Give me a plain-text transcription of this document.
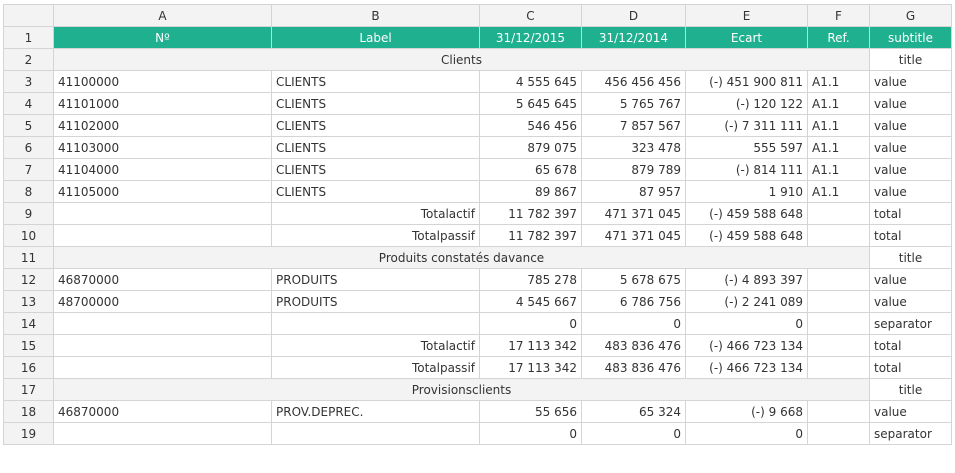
	A	B	C	D	E	F	G
1	Nº	Label	31/12/2015	31/12/2014	Ecart	Ref.	subtitle
2	Clients						title
3	41100000	CLIENTS	4 555 645	456 456 456	(-) 451 900 811	A1.1	value
4	41101000	CLIENTS	5 645 645	5 765 767	(-) 120 122	A1.1	value
5	41102000	CLIENTS	546 456	7 857 567	(-) 7 311 111	A1.1	value
6	41103000	CLIENTS	879 075	323 478	555 597	A1.1	value
7	41104000	CLIENTS	65 678	879 789	(-) 814 111	A1.1	value
8	41105000	CLIENTS	89 867	87 957	1 910	A1.1	value
9		Totalactif	11 782 397	471 371 045	(-) 459 588 648		total
10		Totalpassif	11 782 397	471 371 045	(-) 459 588 648		total
11	Produits constatés davance						title
12	46870000	PRODUITS	785 278	5 678 675	(-) 4 893 397		value
13	48700000	PRODUITS	4 545 667	6 786 756	(-) 2 241 089		value
14			0	0	0		separator
15		Totalactif	17 113 342	483 836 476	(-) 466 723 134		total
16		Totalpassif	17 113 342	483 836 476	(-) 466 723 134		total
17	Provisionsclients						title
18	46870000	PROV.DEPREC.	55 656	65 324	(-) 9 668		value
19			0	0	0		separator
